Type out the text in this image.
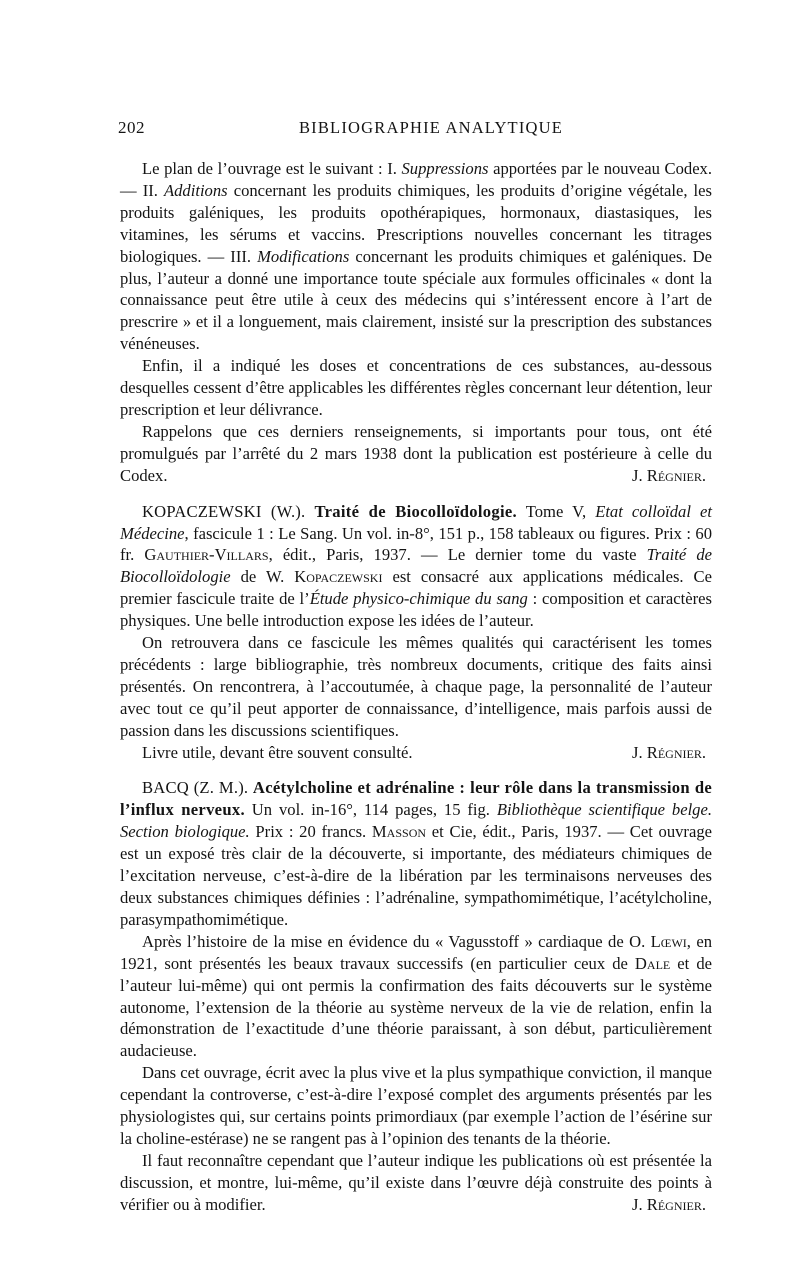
202	BIBLIOGRAPHIE ANALYTIQUE

Le plan de l’ouvrage est le suivant : I. Suppressions apportées par le nouveau Codex. — II. Additions concernant les produits chimiques, les produits d’origine végétale, les produits galéniques, les produits opothérapiques, hormonaux, diastasiques, les vitamines, les sérums et vaccins. Prescriptions nouvelles concernant les titrages biologiques. — III. Modifications concernant les produits chimiques et galéniques. De plus, l’auteur a donné une importance toute spéciale aux formules officinales « dont la connaissance peut être utile à ceux des médecins qui s’intéressent encore à l’art de prescrire » et il a longuement, mais clairement, insisté sur la prescription des substances vénéneuses.

Enfin, il a indiqué les doses et concentrations de ces substances, au-dessous desquelles cessent d’être applicables les différentes règles concernant leur détention, leur prescription et leur délivrance.

Rappelons que ces derniers renseignements, si importants pour tous, ont été promulgués par l’arrêté du 2 mars 1938 dont la publication est postérieure à celle du Codex.	J. Régnier.

KOPACZEWSKI (W.). Traité de Biocolloïdologie. Tome V, Etat colloïdal et Médecine, fascicule 1 : Le Sang. Un vol. in-8°, 151 p., 158 tableaux ou figures. Prix : 60 fr. Gauthier-Villars, édit., Paris, 1937. — Le dernier tome du vaste Traité de Biocolloïdologie de W. Kopaczewski est consacré aux applications médicales. Ce premier fascicule traite de l’Étude physico-chimique du sang : composition et caractères physiques. Une belle introduction expose les idées de l’auteur.

On retrouvera dans ce fascicule les mêmes qualités qui caractérisent les tomes précédents : large bibliographie, très nombreux documents, critique des faits ainsi présentés. On rencontrera, à l’accoutumée, à chaque page, la personnalité de l’auteur avec tout ce qu’il peut apporter de connaissance, d’intelligence, mais parfois aussi de passion dans les discussions scientifiques.

Livre utile, devant être souvent consulté.	J. Régnier.

BACQ (Z. M.). Acétylcholine et adrénaline : leur rôle dans la transmission de l’influx nerveux. Un vol. in-16°, 114 pages, 15 fig. Bibliothèque scientifique belge. Section biologique. Prix : 20 francs. Masson et Cie, édit., Paris, 1937. — Cet ouvrage est un exposé très clair de la découverte, si importante, des médiateurs chimiques de l’excitation nerveuse, c’est-à-dire de la libération par les terminaisons nerveuses des deux substances chimiques définies : l’adrénaline, sympathomimétique, l’acétylcholine, parasympathomimétique.

Après l’histoire de la mise en évidence du « Vagusstoff » cardiaque de O. Lœwi, en 1921, sont présentés les beaux travaux successifs (en particulier ceux de Dale et de l’auteur lui-même) qui ont permis la confirmation des faits découverts sur le système autonome, l’extension de la théorie au système nerveux de la vie de relation, enfin la démonstration de l’exactitude d’une théorie paraissant, à son début, particulièrement audacieuse.

Dans cet ouvrage, écrit avec la plus vive et la plus sympathique conviction, il manque cependant la controverse, c’est-à-dire l’exposé complet des arguments présentés par les physiologistes qui, sur certains points primordiaux (par exemple l’action de l’ésérine sur la choline-estérase) ne se rangent pas à l’opinion des tenants de la théorie.

Il faut reconnaître cependant que l’auteur indique les publications où est présentée la discussion, et montre, lui-même, qu’il existe dans l’œuvre déjà construite des points à vérifier ou à modifier.	J. Régnier.
